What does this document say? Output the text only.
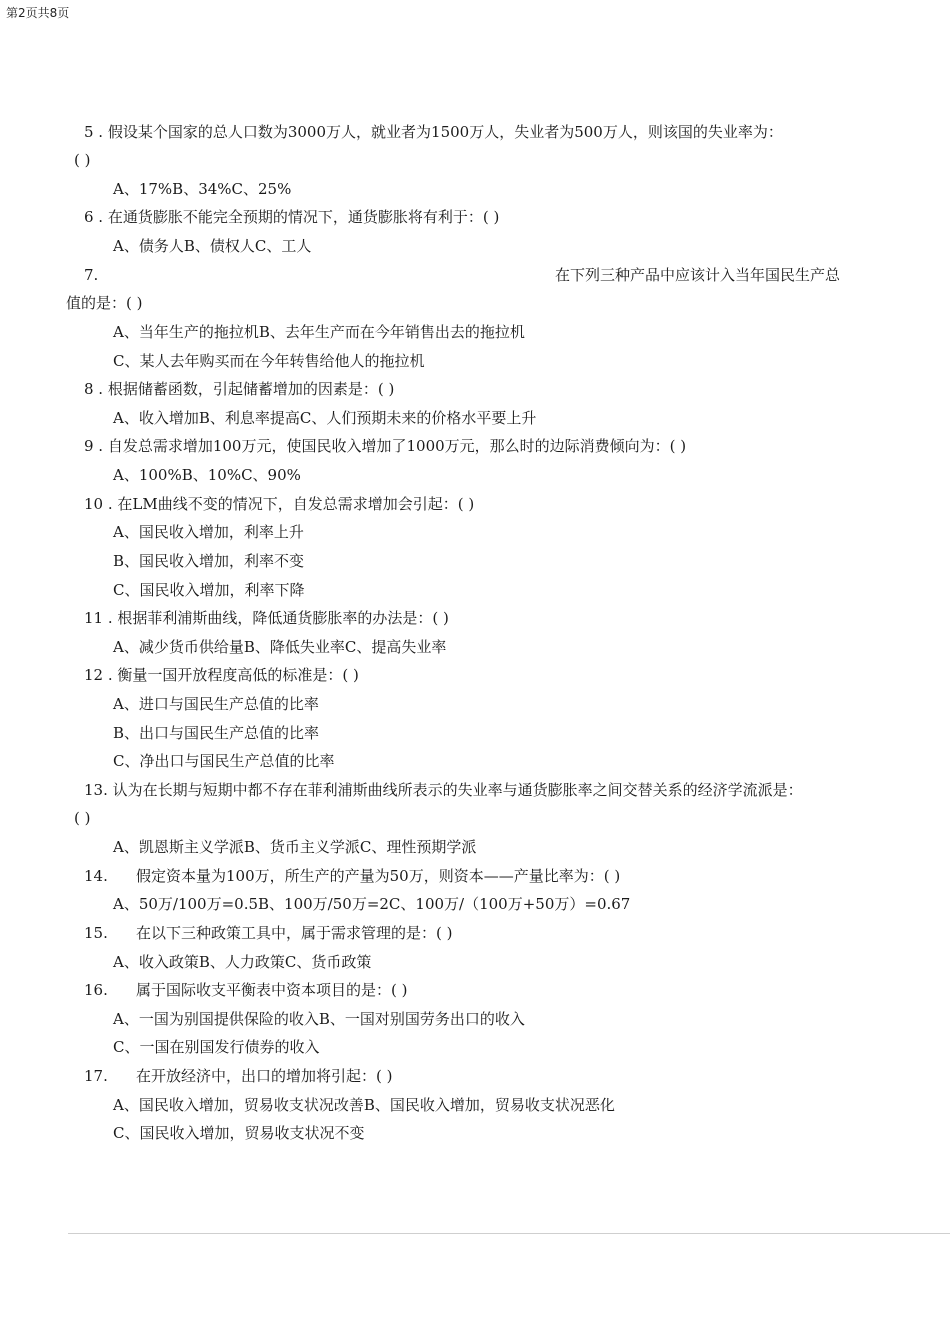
第2页共8页
5 . 假设某个国家的总人口数为3000万人，就业者为1500万人，失业者为500万人，则该国的失业率为：
( )
A、17%B、34%C、25%
6 . 在通货膨胀不能完全预期的情况下，通货膨胀将有利于：( )
A、债务人B、债权人C、工人
7.	在下列三种产品中应该计入当年国民生产总
值的是：( )
A、当年生产的拖拉机B、去年生产而在今年销售出去的拖拉机
C、某人去年购买而在今年转售给他人的拖拉机
8 . 根据储蓄函数，引起储蓄增加的因素是：( )
A、收入增加B、利息率提高C、人们预期未来的价格水平要上升
9 . 自发总需求增加100万元，使国民收入增加了1000万元，那么时的边际消费倾向为：( )
A、100%B、10%C、90%
10 . 在LM曲线不变的情况下，自发总需求增加会引起：( )
A、国民收入增加，利率上升
B、国民收入增加，利率不变
C、国民收入增加，利率下降
11 . 根据菲利浦斯曲线，降低通货膨胀率的办法是：( )
A、减少货币供给量B、降低失业率C、提高失业率
12 . 衡量一国开放程度高低的标准是：( )
A、进口与国民生产总值的比率
B、出口与国民生产总值的比率
C、净出口与国民生产总值的比率
13. 认为在长期与短期中都不存在菲利浦斯曲线所表示的失业率与通货膨胀率之间交替关系的经济学流派是：
( )
A、凯恩斯主义学派B、货币主义学派C、理性预期学派
14. 假定资本量为100万，所生产的产量为50万，则资本——产量比率为：( )
A、50万/100万=0.5B、100万/50万=2C、100万/（100万+50万）=0.67
15. 在以下三种政策工具中，属于需求管理的是：( )
A、收入政策B、人力政策C、货币政策
16. 属于国际收支平衡表中资本项目的是：( )
A、一国为别国提供保险的收入B、一国对别国劳务出口的收入
C、一国在别国发行债券的收入
17. 在开放经济中，出口的增加将引起：( )
A、国民收入增加，贸易收支状况改善B、国民收入增加，贸易收支状况恶化
C、国民收入增加，贸易收支状况不变
